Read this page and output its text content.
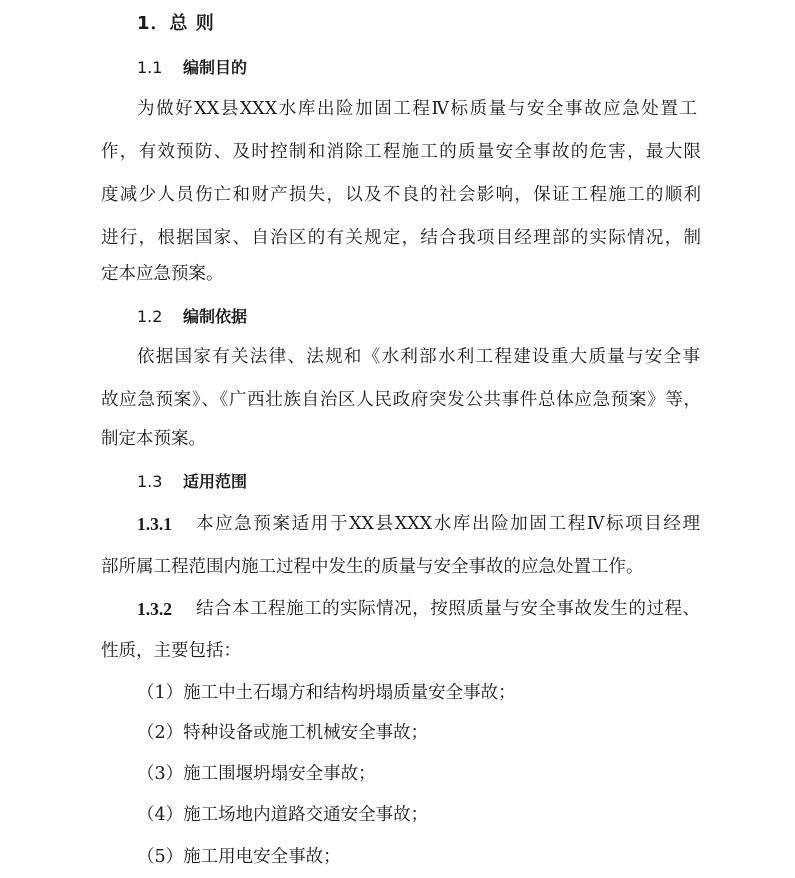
1．总 则
1.1 编制目的
为做好XX县XXX水库出险加固工程Ⅳ标质量与安全事故应急处置工
作，有效预防、及时控制和消除工程施工的质量安全事故的危害，最大限
度减少人员伤亡和财产损失，以及不良的社会影响，保证工程施工的顺利
进行，根据国家、自治区的有关规定，结合我项目经理部的实际情况，制
定本应急预案。
1.2 编制依据
依据国家有关法律、法规和《水利部水利工程建设重大质量与安全事
故应急预案》、《广西壮族自治区人民政府突发公共事件总体应急预案》等，
制定本预案。
1.3 适用范围
1.3.1 本应急预案适用于XX县XXX水库出险加固工程Ⅳ标项目经理
部所属工程范围内施工过程中发生的质量与安全事故的应急处置工作。
1.3.2 结合本工程施工的实际情况，按照质量与安全事故发生的过程、
性质，主要包括：
（1）施工中土石塌方和结构坍塌质量安全事故；
（2）特种设备或施工机械安全事故；
（3）施工围堰坍塌安全事故；
（4）施工场地内道路交通安全事故；
（5）施工用电安全事故；
